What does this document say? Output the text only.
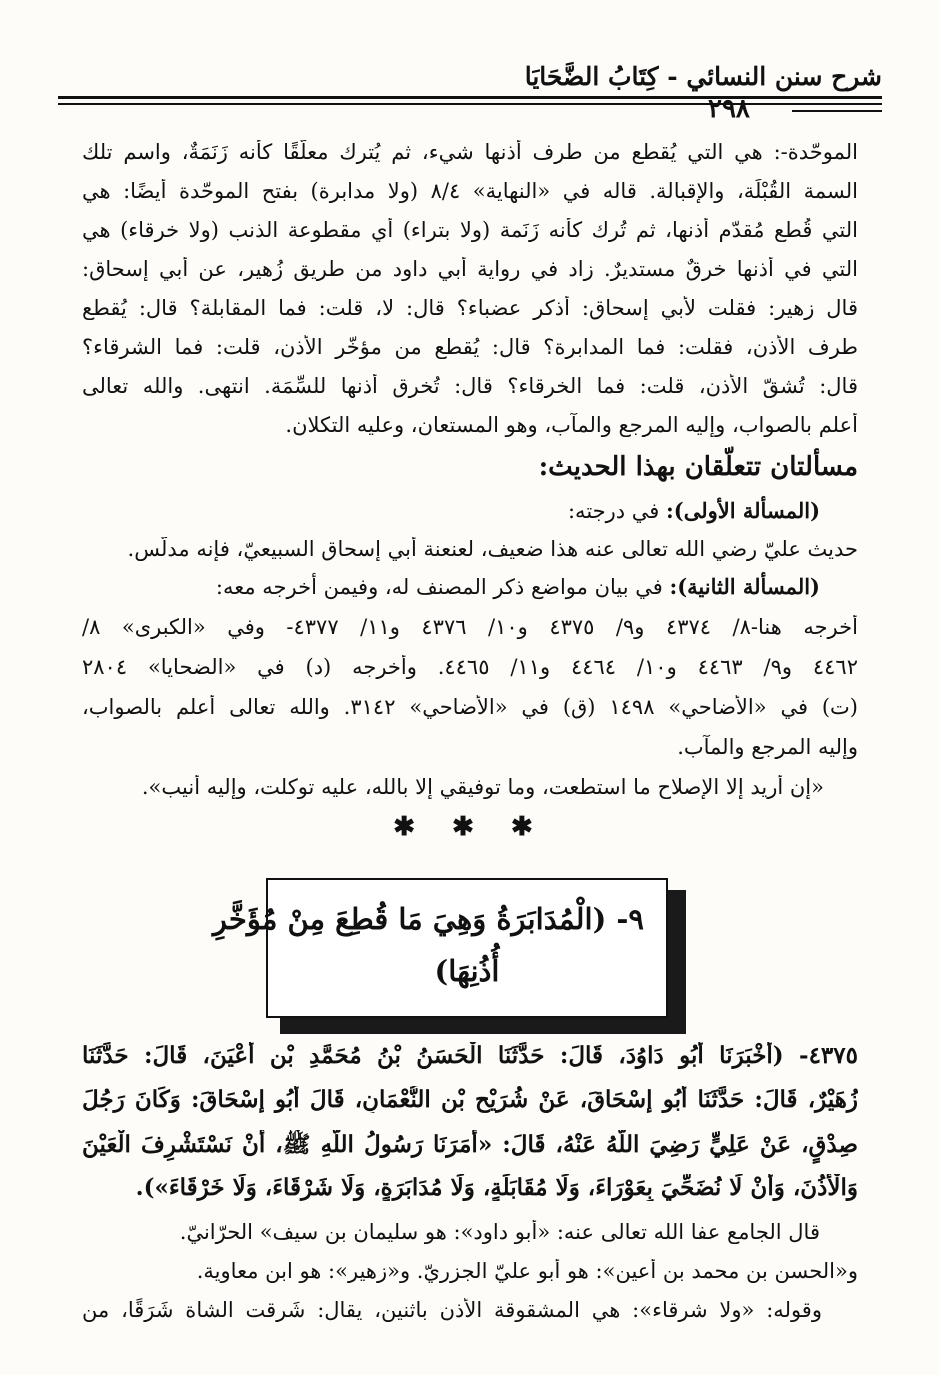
شرح سنن النسائي - كِتَابُ الضَّحَايَا
٢٩٨
الموحّدة-: هي التي يُقطع من طرف أذنها شيء، ثم يُترك معلّقًا كأنه زَنَمَةٌ، واسم تلك
السمة القُبْلَة، والإقبالة. قاله في «النهاية» ٨/٤ (ولا مدابرة) بفتح الموحّدة أيضًا: هي
التي قُطع مُقدّم أذنها، ثم تُرك كأنه زَنَمة (ولا بتراء) أي مقطوعة الذنب (ولا خرقاء) هي
التي في أذنها خرقٌ مستديرٌ. زاد في رواية أبي داود من طريق زُهير، عن أبي إسحاق:
قال زهير: فقلت لأبي إسحاق: أذكر عضباء؟ قال: لا، قلت: فما المقابلة؟ قال: يُقطع
طرف الأذن، فقلت: فما المدابرة؟ قال: يُقطع من مؤخّر الأذن، قلت: فما الشرقاء؟
قال: تُشقّ الأذن، قلت: فما الخرقاء؟ قال: تُخرق أذنها للسِّمَة. انتهى. والله تعالى
أعلم بالصواب، وإليه المرجع والمآب، وهو المستعان، وعليه التكلان.
مسألتان تتعلّقان بهذا الحديث:
(المسألة الأولى): في درجته:
حديث عليّ رضي الله تعالى عنه هذا ضعيف، لعنعنة أبي إسحاق السبيعيّ، فإنه مدلّس.
(المسألة الثانية): في بيان مواضع ذكر المصنف له، وفيمن أخرجه معه:
أخرجه هنا-٨/ ٤٣٧٤ و٩/ ٤٣٧٥ و١٠/ ٤٣٧٦ و١١/ ٤٣٧٧- وفي «الكبرى» ٨/
٤٤٦٢ و٩/ ٤٤٦٣ و١٠/ ٤٤٦٤ و١١/ ٤٤٦٥. وأخرجه (د) في «الضحايا» ٢٨٠٤
(ت) في «الأضاحي» ١٤٩٨ (ق) في «الأضاحي» ٣١٤٢. والله تعالى أعلم بالصواب،
وإليه المرجع والمآب.
«إن أريد إلا الإصلاح ما استطعت، وما توفيقي إلا بالله، عليه توكلت، وإليه أنيب».
✱ ✱ ✱
٩- (الْمُدَابَرَةُ وَهِيَ مَا قُطِعَ مِنْ مُؤَخَّرِ
أُذُنِهَا)
٤٣٧٥- (أَخْبَرَنَا أَبُو دَاوُدَ، قَالَ: حَدَّثَنَا الْحَسَنُ بْنُ مُحَمَّدِ بْنِ أَعْيَنَ، قَالَ: حَدَّثَنَا
زُهَيْرٌ، قَالَ: حَدَّثَنَا أَبُو إِسْحَاقَ، عَنْ شُرَيْحِ بْنِ النُّعْمَانِ، قَالَ أَبُو إِسْحَاقَ: وَكَانَ رَجُلَ
صِدْقٍ، عَنْ عَلِيٍّ رَضِيَ اللَّهُ عَنْهُ، قَالَ: «أَمَرَنَا رَسُولُ اللَّهِ ﷺ، أَنْ نَسْتَشْرِفَ الْعَيْنَ
وَالْأُذُنَ، وَأَنْ لَا نُضَحِّيَ بِعَوْرَاءَ، وَلَا مُقَابَلَةٍ، وَلَا مُدَابَرَةٍ، وَلَا شَرْقَاءَ، وَلَا خَرْقَاءَ»).
قال الجامع عفا الله تعالى عنه: «أبو داود»: هو سليمان بن سيف» الحرّانيّ.
و«الحسن بن محمد بن أعين»: هو أبو عليّ الجزريّ. و«زهير»: هو ابن معاوية.
وقوله: «ولا شرقاء»: هي المشقوقة الأذن باثنين، يقال: شَرِقت الشاة شَرَقًا، من
